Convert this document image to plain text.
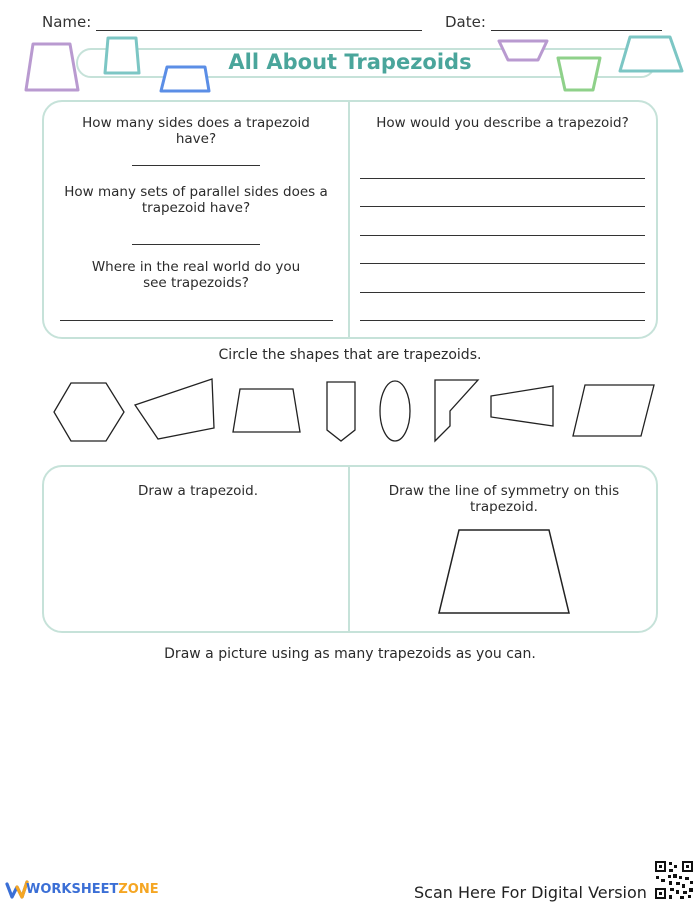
Name:	Date:
All About Trapezoids
How many sides does a trapezoid have?
How many sets of parallel sides does a trapezoid have?
Where in the real world do you see trapezoids?
How would you describe a trapezoid?
Circle the shapes that are trapezoids.
Draw a trapezoid.	Draw the line of symmetry on this trapezoid.
Draw a picture using as many trapezoids as you can.
WORKSHEETZONE	Scan Here For Digital Version
